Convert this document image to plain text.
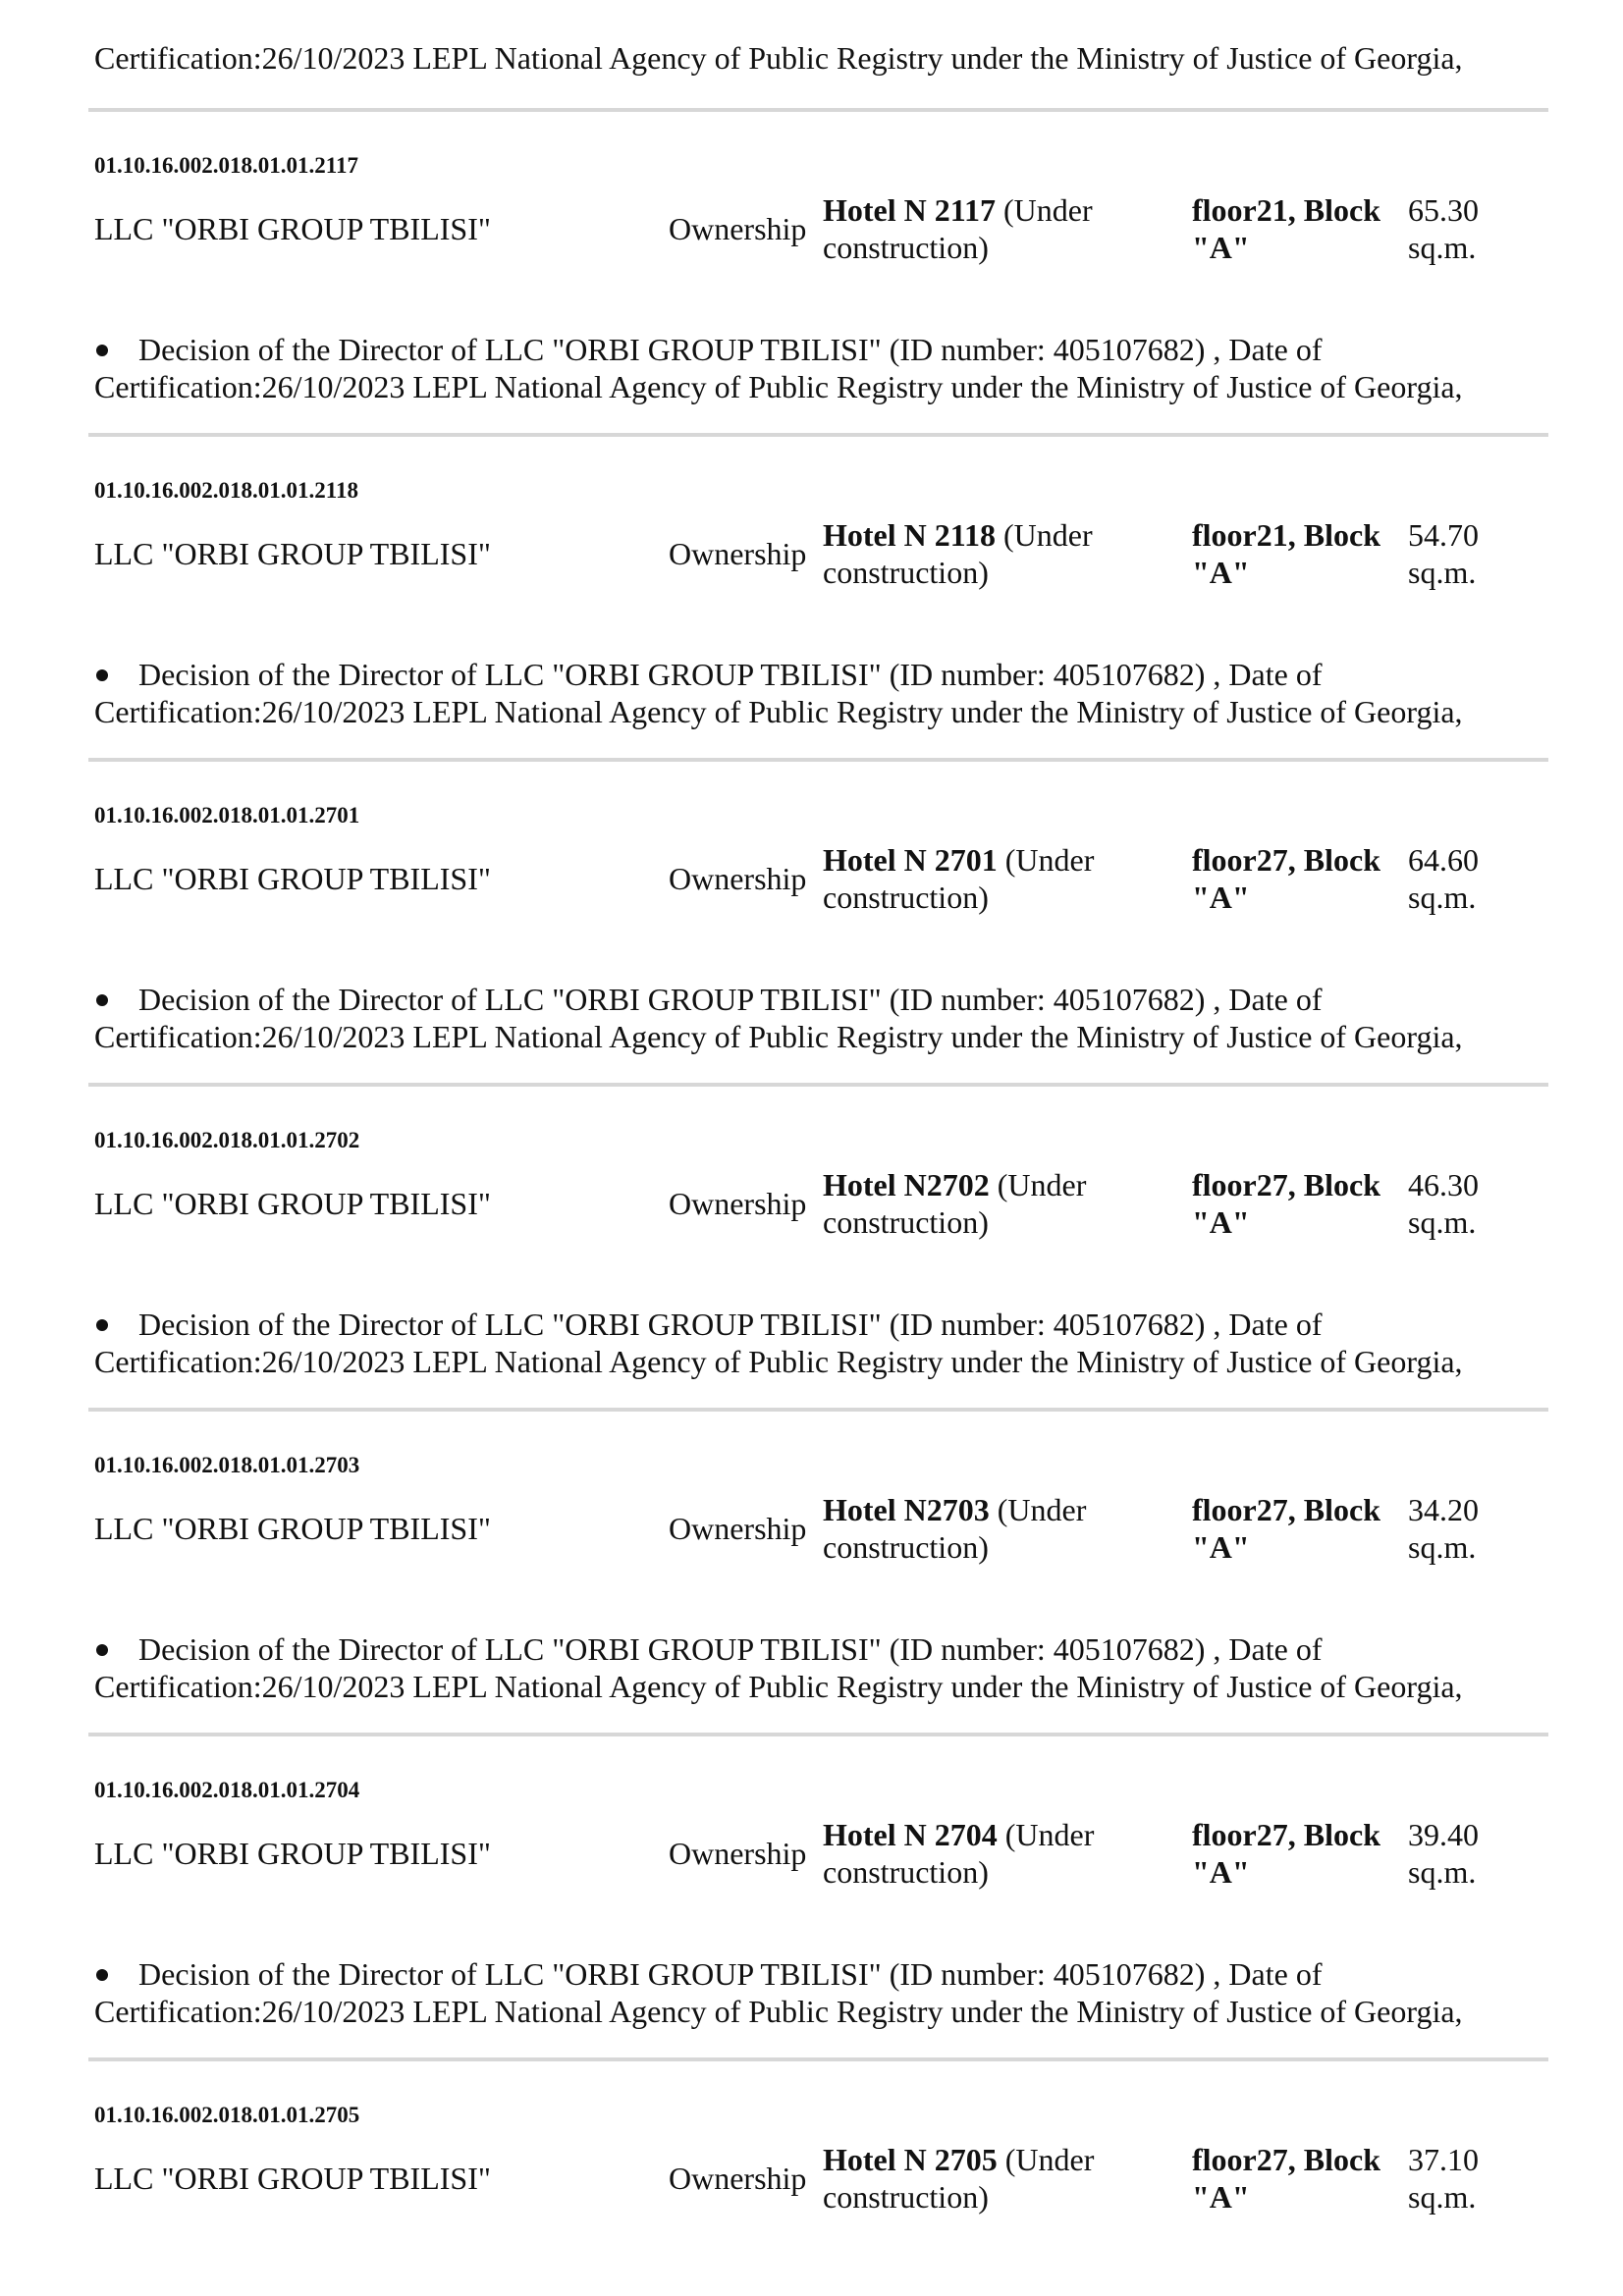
Certification:26/10/2023 LEPL National Agency of Public Registry under the Ministry of Justice of Georgia,
01.10.16.002.018.01.01.2117
LLC "ORBI GROUP TBILISI"	Ownership
Hotel N 2117 (Under construction)
floor21, Block "A"
65.30 sq.m.
Decision of the Director of LLC "ORBI GROUP TBILISI" (ID number: 405107682) , Date of
Certification:26/10/2023 LEPL National Agency of Public Registry under the Ministry of Justice of Georgia,
01.10.16.002.018.01.01.2118
LLC "ORBI GROUP TBILISI"	Ownership
Hotel N 2118 (Under construction)
floor21, Block "A"
54.70 sq.m.
Decision of the Director of LLC "ORBI GROUP TBILISI" (ID number: 405107682) , Date of
Certification:26/10/2023 LEPL National Agency of Public Registry under the Ministry of Justice of Georgia,
01.10.16.002.018.01.01.2701
LLC "ORBI GROUP TBILISI"	Ownership
Hotel N 2701 (Under construction)
floor27, Block "A"
64.60 sq.m.
Decision of the Director of LLC "ORBI GROUP TBILISI" (ID number: 405107682) , Date of
Certification:26/10/2023 LEPL National Agency of Public Registry under the Ministry of Justice of Georgia,
01.10.16.002.018.01.01.2702
LLC "ORBI GROUP TBILISI"	Ownership
Hotel N2702 (Under construction)
floor27, Block "A"
46.30 sq.m.
Decision of the Director of LLC "ORBI GROUP TBILISI" (ID number: 405107682) , Date of
Certification:26/10/2023 LEPL National Agency of Public Registry under the Ministry of Justice of Georgia,
01.10.16.002.018.01.01.2703
LLC "ORBI GROUP TBILISI"	Ownership
Hotel N2703 (Under construction)
floor27, Block "A"
34.20 sq.m.
Decision of the Director of LLC "ORBI GROUP TBILISI" (ID number: 405107682) , Date of
Certification:26/10/2023 LEPL National Agency of Public Registry under the Ministry of Justice of Georgia,
01.10.16.002.018.01.01.2704
LLC "ORBI GROUP TBILISI"	Ownership
Hotel N 2704 (Under construction)
floor27, Block "A"
39.40 sq.m.
Decision of the Director of LLC "ORBI GROUP TBILISI" (ID number: 405107682) , Date of
Certification:26/10/2023 LEPL National Agency of Public Registry under the Ministry of Justice of Georgia,
01.10.16.002.018.01.01.2705
LLC "ORBI GROUP TBILISI"	Ownership
Hotel N 2705 (Under construction)
floor27, Block "A"
37.10 sq.m.
